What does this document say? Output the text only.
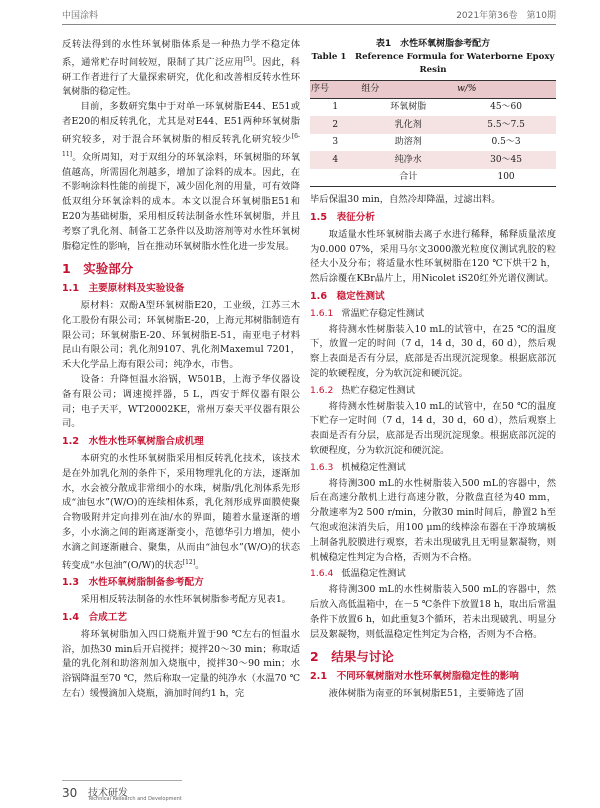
中国涂料	2021年第36卷　第10期

反转法得到的水性环氧树脂体系是一种热力学不稳定体系，通常贮存时间较短，限制了其广泛应用[5]。因此，科研工作者进行了大量探索研究，优化和改善相反转水性环氧树脂的稳定性。

目前，多数研究集中于对单一环氧树脂E44、E51或者E20的相反转乳化，尤其是对E44、E51两种环氧树脂研究较多，对于混合环氧树脂的相反转乳化研究较少[6-11]。众所周知，对于双组分的环氧涂料，环氧树脂的环氧值越高，所需固化剂越多，增加了涂料的成本。因此，在不影响涂料性能的前提下，减少固化剂的用量，可有效降低双组分环氧涂料的成本。本文以混合环氧树脂E51和E20为基础树脂，采用相反转法制备水性环氧树脂，并且考察了乳化剂、制备工艺条件以及助溶剂等对水性环氧树脂稳定性的影响，旨在推动环氧树脂水性化进一步发展。

1　实验部分
1.1　主要原材料及实验设备

原材料：双酚A型环氧树脂E20，工业级，江苏三木化工股份有限公司；环氧树脂E-20，上海元邦树脂制造有限公司；环氧树脂E-20、环氧树脂E-51，南亚电子材料昆山有限公司；乳化剂9107、乳化剂Maxemul 7201，禾大化学品上海有限公司；纯净水，市售。

设备：升降恒温水浴锅，W501B，上海予华仪器设备有限公司；调速搅拌器，5 L，西安于辉仪器有限公司；电子天平，WT20002KE，常州万泰天平仪器有限公司。

1.2　水性水性环氧树脂合成机理

本研究的水性环氧树脂采用相反转乳化技术，该技术是在外加乳化剂的条件下，采用物理乳化的方法，逐渐加水，水会被分散成非常细小的水珠，树脂/乳化剂体系先形成“油包水”(W/O)的连续相体系，乳化剂形成界面膜使聚合物吸附并定向排列在油/水的界面，随着水量逐渐的增多，小水滴之间的距离逐渐变小，范德华引力增加，使小水滴之间逐渐融合、聚集，从而由“油包水”(W/O)的状态转变成“水包油”(O/W)的状态[12]。

1.3　水性环氧树脂制备参考配方

采用相反转法制备的水性环氧树脂参考配方见表1。

1.4　合成工艺

将环氧树脂加入四口烧瓶并置于90 ℃左右的恒温水浴，加热30 min后开启搅拌；搅拌20～30 min；称取适量的乳化剂和助溶剂加入烧瓶中，搅拌30～90 min；水浴锅降温至70 ℃，然后称取一定量的纯净水（水温70 ℃左右）缓慢滴加入烧瓶，滴加时间约1 h，完

表1　水性环氧树脂参考配方
Table 1　Reference Formula for Waterborne Epoxy Resin
序号	组分	w/%
1	环氧树脂	45～60
2	乳化剂	5.5～7.5
3	助溶剂	0.5～3
4	纯净水	30～45
	合计	100

毕后保温30 min，自然冷却降温，过滤出料。

1.5　表征分析

取适量水性环氧树脂去离子水进行稀释，稀释质量浓度为0.000 07%，采用马尔文3000激光粒度仪测试乳胶的粒径大小及分布；将适量水性环氧树脂在120 ℃下烘干2 h，然后涂覆在KBr晶片上，用Nicolet iS20红外光谱仪测试。

1.6　稳定性测试
1.6.1 常温贮存稳定性测试

将待测水性树脂装入10 mL的试管中，在25 ℃的温度下，放置一定的时间（7 d，14 d，30 d，60 d），然后观察上表面是否有分层，底部是否出现沉淀现象。根据底部沉淀的软硬程度，分为软沉淀和硬沉淀。

1.6.2 热贮存稳定性测试

将待测水性树脂装入10 mL的试管中，在50 ℃的温度下贮存一定时间（7 d，14 d，30 d，60 d），然后观察上表面是否有分层，底部是否出现沉淀现象。根据底部沉淀的软硬程度，分为软沉淀和硬沉淀。

1.6.3 机械稳定性测试

将待测300 mL的水性树脂装入500 mL的容器中，然后在高速分散机上进行高速分散，分散盘直径为40 mm，分散速率为2 500 r/min，分散30 min时间后，静置2 h至气泡或泡沫消失后，用100 μm的线棒涂布器在干净玻璃板上制备乳胶膜进行观察，若未出现破乳且无明显絮凝物，则机械稳定性判定为合格，否则为不合格。

1.6.4 低温稳定性测试

将待测300 mL的水性树脂装入500 mL的容器中，然后放入高低温箱中，在－5 ℃条件下放置18 h，取出后常温条件下放置6 h，如此重复3个循环，若未出现破乳、明显分层及絮凝物，则低温稳定性判定为合格，否则为不合格。

2　结果与讨论
2.1　不同环氧树脂对水性环氧树脂稳定性的影响

液体树脂为南亚的环氧树脂E51，主要筛选了固

30 技术研发
Technical Research and Development
